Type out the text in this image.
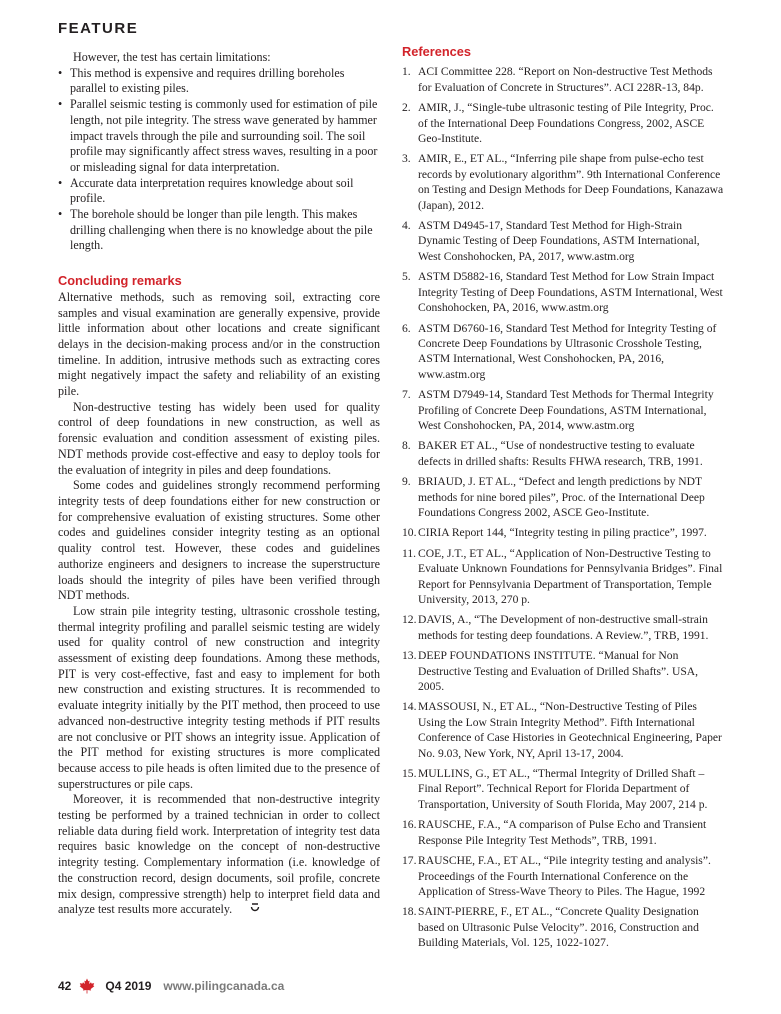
FEATURE

However, the test has certain limitations:

• This method is expensive and requires drilling boreholes parallel to existing piles.
• Parallel seismic testing is commonly used for estimation of pile length, not pile integrity. The stress wave generated by hammer impact travels through the pile and surrounding soil. The soil profile may significantly affect stress waves, resulting in a poor or misleading signal for data interpretation.
• Accurate data interpretation requires knowledge about soil profile.
• The borehole should be longer than pile length. This makes drilling challenging when there is no knowledge about the pile length.
Concluding remarks

Alternative methods, such as removing soil, extracting core samples and visual examination are generally expensive, provide little information about other locations and create significant delays in the decision-making process and/or in the construction timeline. In addition, intrusive methods such as extracting cores might negatively impact the safety and reliability of an existing pile.

Non-destructive testing has widely been used for quality control of deep foundations in new construction, as well as forensic evaluation and condition assessment of existing piles. NDT methods provide cost-effective and easy to deploy tools for the evaluation of integrity in piles and deep foundations.

Some codes and guidelines strongly recommend performing integrity tests of deep foundations either for new construction or for comprehensive evaluation of existing structures. Some other codes and guidelines consider integrity testing as an optional quality control test. However, these codes and guidelines authorize engineers and designers to increase the superstructure loads should the integrity of piles have been verified through NDT methods.

Low strain pile integrity testing, ultrasonic crosshole testing, thermal integrity profiling and parallel seismic testing are widely used for quality control of new construction and integrity assessment of existing deep foundations. Among these methods, PIT is very cost-effective, fast and easy to implement for both new construction and existing structures. It is recommended to evaluate integrity initially by the PIT method, then proceed to use advanced non-destructive integrity testing methods if PIT results are not conclusive or PIT shows an integrity issue. Application of the PIT method for existing structures is more complicated because access to pile heads is often limited due to the presence of superstructures or pile caps.

Moreover, it is recommended that non-destructive integrity testing be performed by a trained technician in order to collect reliable data during field work. Interpretation of integrity test data requires basic knowledge on the concept of non-destructive integrity testing. Complementary information (i.e. knowledge of the construction record, design documents, soil profile, concrete mix design, compressive strength) help to interpret field data and analyze test results more accurately.

References
1. ACI Committee 228. “Report on Non-destructive Test Methods for Evaluation of Concrete in Structures”. ACI 228R-13, 84p.
2. AMIR, J., “Single-tube ultrasonic testing of Pile Integrity, Proc. of the International Deep Foundations Congress, 2002, ASCE Geo-Institute.
3. AMIR, E., ET AL., “Inferring pile shape from pulse-echo test records by evolutionary algorithm”. 9th International Conference on Testing and Design Methods for Deep Foundations, Kanazawa (Japan), 2012.
4. ASTM D4945-17, Standard Test Method for High-Strain Dynamic Testing of Deep Foundations, ASTM International, West Conshohocken, PA, 2017, www.astm.org
5. ASTM D5882-16, Standard Test Method for Low Strain Impact Integrity Testing of Deep Foundations, ASTM International, West Conshohocken, PA, 2016, www.astm.org
6. ASTM D6760-16, Standard Test Method for Integrity Testing of Concrete Deep Foundations by Ultrasonic Crosshole Testing, ASTM International, West Conshohocken, PA, 2016, www.astm.org
7. ASTM D7949-14, Standard Test Methods for Thermal Integrity Profiling of Concrete Deep Foundations, ASTM International, West Conshohocken, PA, 2014, www.astm.org
8. BAKER ET AL., “Use of nondestructive testing to evaluate defects in drilled shafts: Results FHWA research, TRB, 1991.
9. BRIAUD, J. ET AL., “Defect and length predictions by NDT methods for nine bored piles”, Proc. of the International Deep Foundations Congress 2002, ASCE Geo-Institute.
10. CIRIA Report 144, “Integrity testing in piling practice”, 1997.
11. COE, J.T., ET AL., “Application of Non-Destructive Testing to Evaluate Unknown Foundations for Pennsylvania Bridges”. Final Report for Pennsylvania Department of Transportation, Temple University, 2013, 270 p.
12. DAVIS, A., “The Development of non-destructive small-strain methods for testing deep foundations. A Review.”, TRB, 1991.
13. DEEP FOUNDATIONS INSTITUTE. “Manual for Non Destructive Testing and Evaluation of Drilled Shafts”. USA, 2005.
14. MASSOUSI, N., ET AL., “Non-Destructive Testing of Piles Using the Low Strain Integrity Method”. Fifth International Conference of Case Histories in Geotechnical Engineering, Paper No. 9.03, New York, NY, April 13-17, 2004.
15. MULLINS, G., ET AL., “Thermal Integrity of Drilled Shaft – Final Report”. Technical Report for Florida Department of Transportation, University of South Florida, May 2007, 214 p.
16. RAUSCHE, F.A., “A comparison of Pulse Echo and Transient Response Pile Integrity Test Methods”, TRB, 1991.
17. RAUSCHE, F.A., ET AL., “Pile integrity testing and analysis”. Proceedings of the Fourth International Conference on the Application of Stress-Wave Theory to Piles. The Hague, 1992
18. SAINT-PIERRE, F., ET AL., “Concrete Quality Designation based on Ultrasonic Pulse Velocity”. 2016, Construction and Building Materials, Vol. 125, 1022-1027.
42	Q4 2019 www.pilingcanada.ca
